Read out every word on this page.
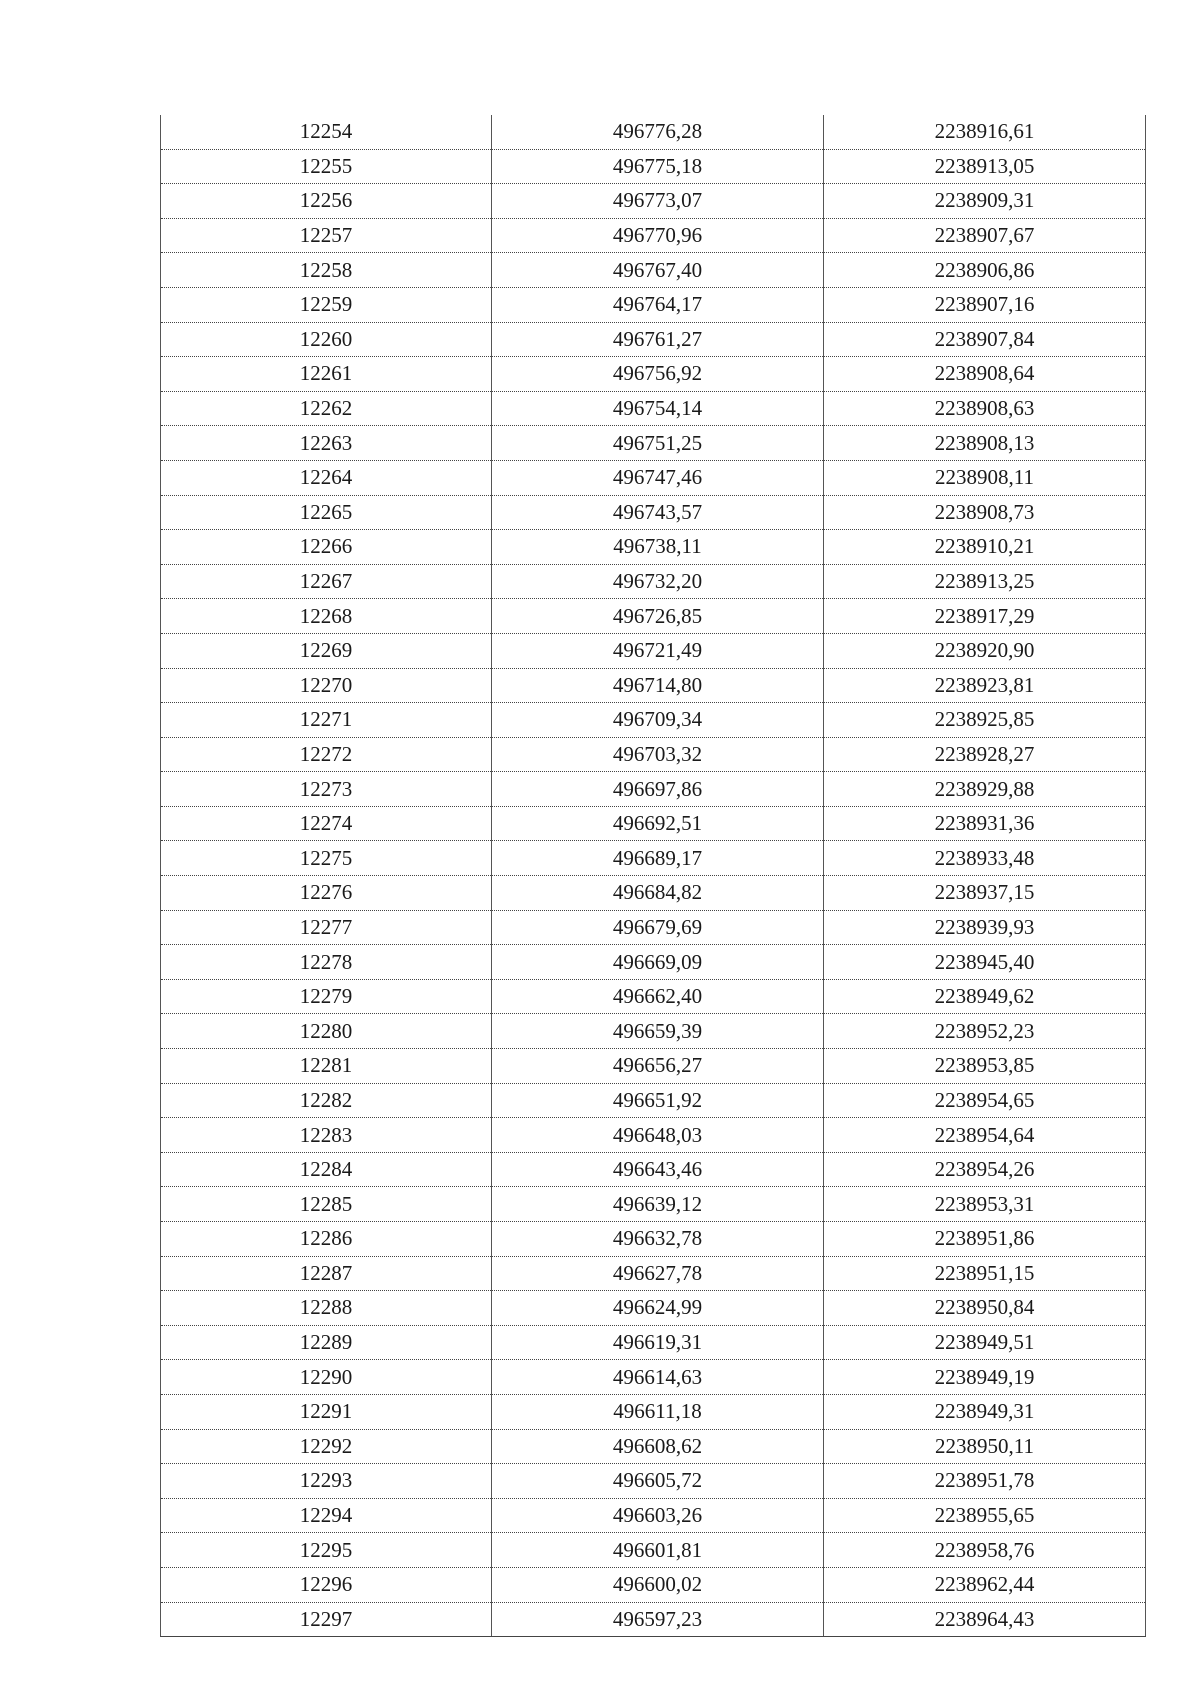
12254	496776,28	2238916,61
12255	496775,18	2238913,05
12256	496773,07	2238909,31
12257	496770,96	2238907,67
12258	496767,40	2238906,86
12259	496764,17	2238907,16
12260	496761,27	2238907,84
12261	496756,92	2238908,64
12262	496754,14	2238908,63
12263	496751,25	2238908,13
12264	496747,46	2238908,11
12265	496743,57	2238908,73
12266	496738,11	2238910,21
12267	496732,20	2238913,25
12268	496726,85	2238917,29
12269	496721,49	2238920,90
12270	496714,80	2238923,81
12271	496709,34	2238925,85
12272	496703,32	2238928,27
12273	496697,86	2238929,88
12274	496692,51	2238931,36
12275	496689,17	2238933,48
12276	496684,82	2238937,15
12277	496679,69	2238939,93
12278	496669,09	2238945,40
12279	496662,40	2238949,62
12280	496659,39	2238952,23
12281	496656,27	2238953,85
12282	496651,92	2238954,65
12283	496648,03	2238954,64
12284	496643,46	2238954,26
12285	496639,12	2238953,31
12286	496632,78	2238951,86
12287	496627,78	2238951,15
12288	496624,99	2238950,84
12289	496619,31	2238949,51
12290	496614,63	2238949,19
12291	496611,18	2238949,31
12292	496608,62	2238950,11
12293	496605,72	2238951,78
12294	496603,26	2238955,65
12295	496601,81	2238958,76
12296	496600,02	2238962,44
12297	496597,23	2238964,43
